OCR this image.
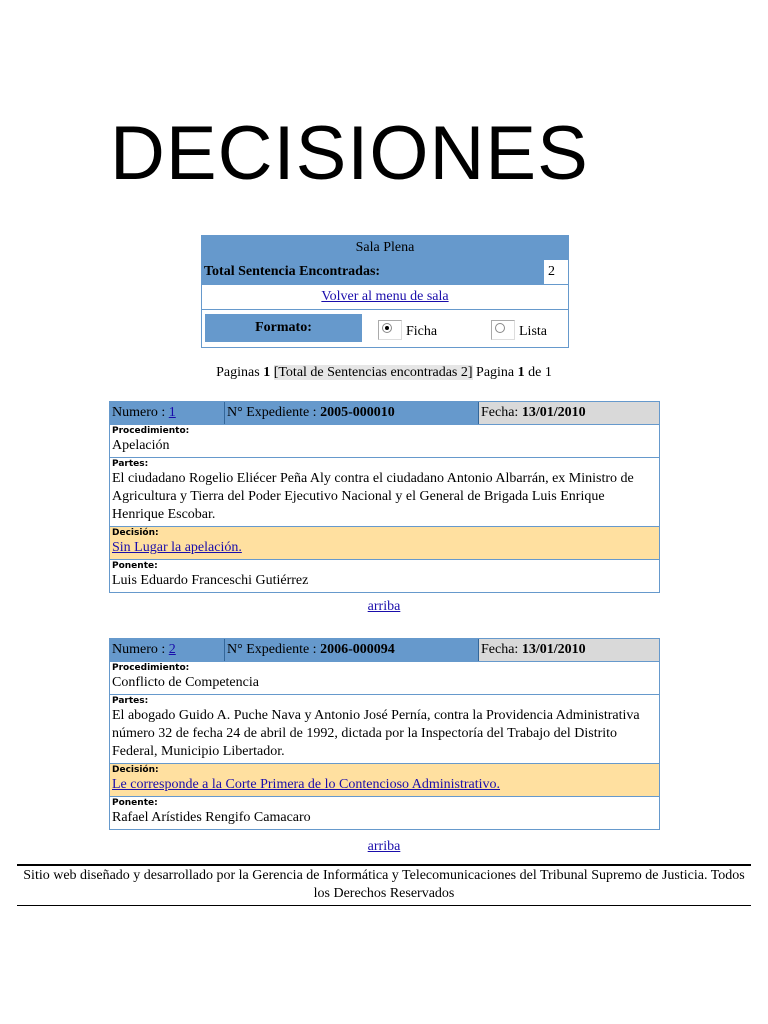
DECISIONES
Sala Plena
Total Sentencia Encontradas:	2
Volver al menu de sala
Formato:	Ficha	Lista
Paginas 1 [Total de Sentencias encontradas 2] Pagina 1 de 1
Numero : 1	N° Expediente : 2005-000010	Fecha: 13/01/2010
Procedimiento:
Apelación
Partes:
El ciudadano Rogelio Eliécer Peña Aly contra el ciudadano Antonio Albarrán, ex Ministro de Agricultura y Tierra del Poder Ejecutivo Nacional y el General de Brigada Luis Enrique Henrique Escobar.
Decisión:
Sin Lugar la apelación.
Ponente:
Luis Eduardo Franceschi Gutiérrez
arriba
Numero : 2	N° Expediente : 2006-000094	Fecha: 13/01/2010
Procedimiento:
Conflicto de Competencia
Partes:
El abogado Guido A. Puche Nava y Antonio José Pernía, contra la Providencia Administrativa número 32 de fecha 24 de abril de 1992, dictada por la Inspectoría del Trabajo del Distrito Federal, Municipio Libertador.
Decisión:
Le corresponde a la Corte Primera de lo Contencioso Administrativo.
Ponente:
Rafael Arístides Rengifo Camacaro
arriba
Sitio web diseñado y desarrollado por la Gerencia de Informática y Telecomunicaciones del Tribunal Supremo de Justicia. Todos los Derechos Reservados
